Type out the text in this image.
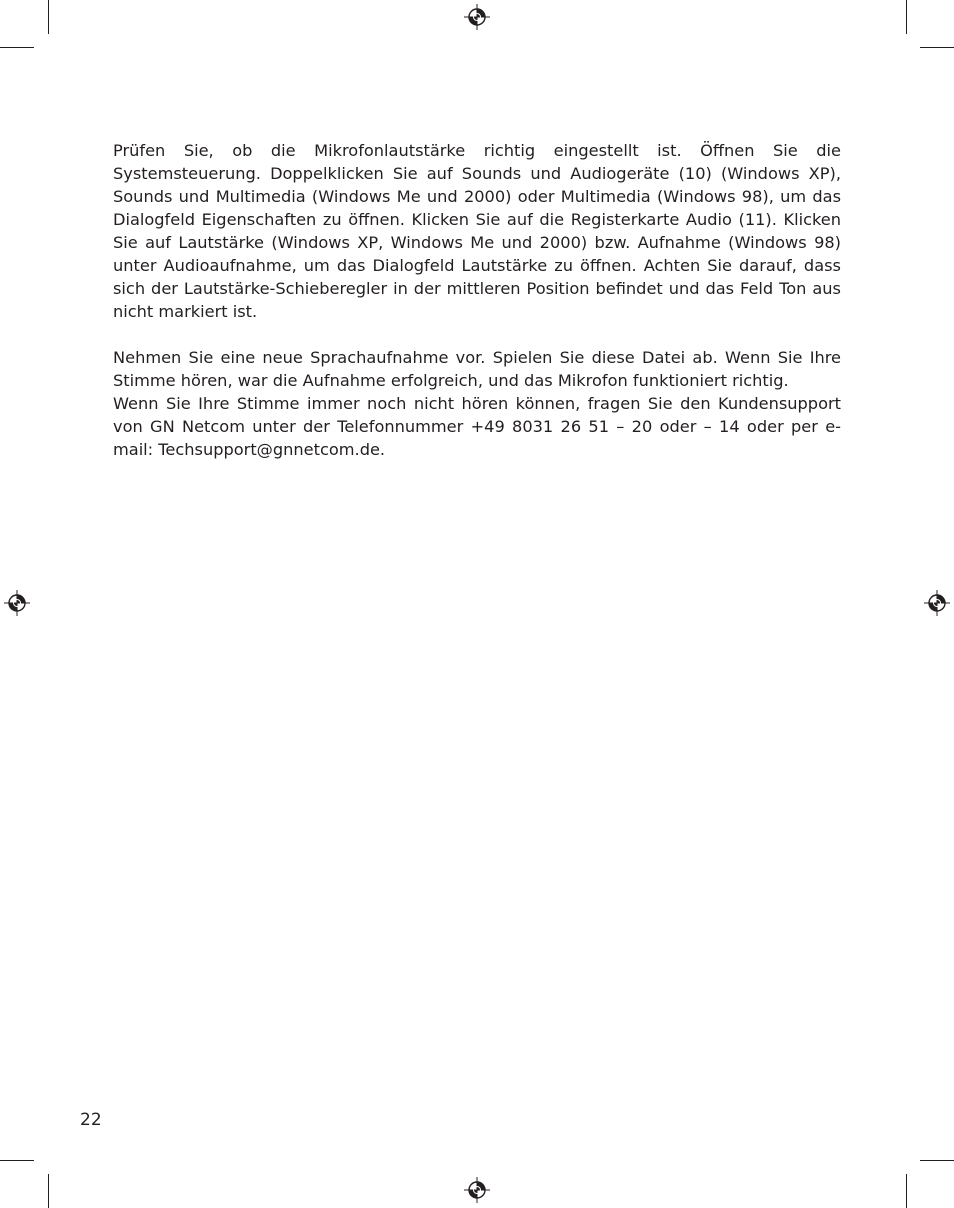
Prüfen Sie, ob die Mikrofonlautstärke richtig eingestellt ist. Öffnen Sie die Systemsteuerung. Doppelklicken Sie auf Sounds und Audiogeräte (10) (Windows XP), Sounds und Multimedia (Windows Me und 2000) oder Multimedia (Windows 98), um das Dialogfeld Eigenschaften zu öffnen. Klicken Sie auf die Registerkarte Audio (11). Klicken Sie auf Lautstärke (Windows XP, Windows Me und 2000) bzw. Aufnahme (Windows 98) unter Audioaufnahme, um das Dialogfeld Lautstärke zu öffnen. Achten Sie darauf, dass sich der Lautstärke-Schieberegler in der mittleren Position befindet und das Feld Ton aus nicht markiert ist.

Nehmen Sie eine neue Sprachaufnahme vor. Spielen Sie diese Datei ab. Wenn Sie Ihre Stimme hören, war die Aufnahme erfolgreich, und das Mikrofon funktioniert richtig.

Wenn Sie Ihre Stimme immer noch nicht hören können, fragen Sie den Kundensupport von GN Netcom unter der Telefonnummer +49 8031 26 51 – 20 oder – 14 oder per e-mail: Techsupport@gnnetcom.de.

22
